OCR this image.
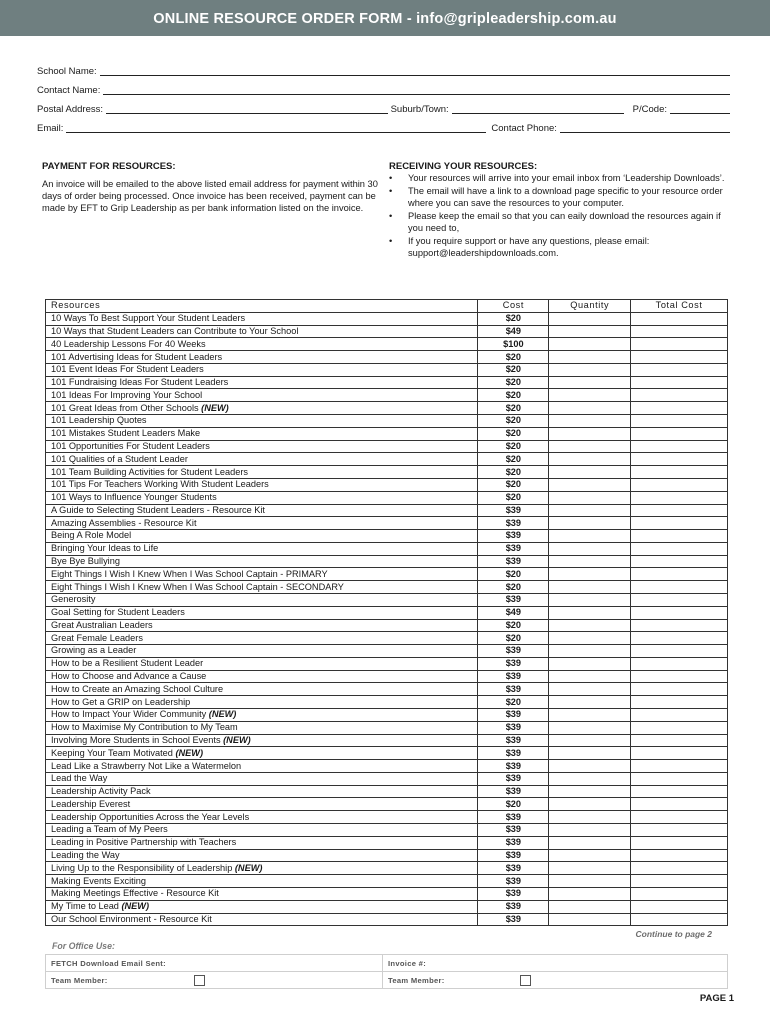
ONLINE RESOURCE ORDER FORM - info@gripleadership.com.au
School Name:
Contact Name:
Postal Address:	Suburb/Town:	P/Code:
Email:	Contact Phone:
PAYMENT FOR RESOURCES:
An invoice will be emailed to the above listed email address for payment within 30 days of order being processed. Once invoice has been received, payment can be made by EFT to Grip Leadership as per bank information listed on the invoice.
RECEIVING YOUR RESOURCES:
• Your resources will arrive into your email inbox from ‘Leadership Downloads’.
• The email will have a link to a download page specific to your resource order where you can save the resources to your computer.
• Please keep the email so that you can eaily download the resources again if you need to,
• If you require support or have any questions, please email: support@leadershipdownloads.com.
Resources	Cost	Quantity	Total Cost
10 Ways To Best Support Your Student Leaders	$20		
10 Ways that Student Leaders can Contribute to Your School	$49		
40 Leadership Lessons For 40 Weeks	$100		
101 Advertising Ideas for Student Leaders	$20		
101 Event Ideas For Student Leaders	$20		
101 Fundraising Ideas For Student Leaders	$20		
101 Ideas For Improving Your School	$20		
101 Great Ideas from Other Schools (NEW)	$20		
101 Leadership Quotes	$20		
101 Mistakes Student Leaders Make	$20		
101 Opportunities For Student Leaders	$20		
101 Qualities of a Student Leader	$20		
101 Team Building Activities for Student Leaders	$20		
101 Tips For Teachers Working With Student Leaders	$20		
101 Ways to Influence Younger Students	$20		
A Guide to Selecting Student Leaders - Resource Kit	$39		
Amazing Assemblies - Resource Kit	$39		
Being A Role Model	$39		
Bringing Your Ideas to Life	$39		
Bye Bye Bullying	$39		
Eight Things I Wish I Knew When I Was School Captain - PRIMARY	$20		
Eight Things I Wish I Knew When I Was School Captain - SECONDARY	$20		
Generosity	$39		
Goal Setting for Student Leaders	$49		
Great Australian Leaders	$20		
Great Female Leaders	$20		
Growing as a Leader	$39		
How to be a Resilient Student Leader	$39		
How to Choose and Advance a Cause	$39		
How to Create an Amazing School Culture	$39		
How to Get a GRIP on Leadership	$20		
How to Impact Your Wider Community (NEW)	$39		
How to Maximise My Contribution to My Team	$39		
Involving More Students in School Events (NEW)	$39		
Keeping Your Team Motivated (NEW)	$39		
Lead Like a Strawberry Not Like a Watermelon	$39		
Lead the Way	$39		
Leadership Activity Pack	$39		
Leadership Everest	$20		
Leadership Opportunities Across the Year Levels	$39		
Leading a Team of My Peers	$39		
Leading in Positive Partnership with Teachers	$39		
Leading the Way	$39		
Living Up to the Responsibility of Leadership (NEW)	$39		
Making Events Exciting	$39		
Making Meetings Effective - Resource Kit	$39		
My Time to Lead (NEW)	$39		
Our School Environment - Resource Kit	$39		
Continue to page 2
For Office Use:
FETCH Download Email Sent:	Invoice #:
Team Member:	Team Member:
PAGE 1
